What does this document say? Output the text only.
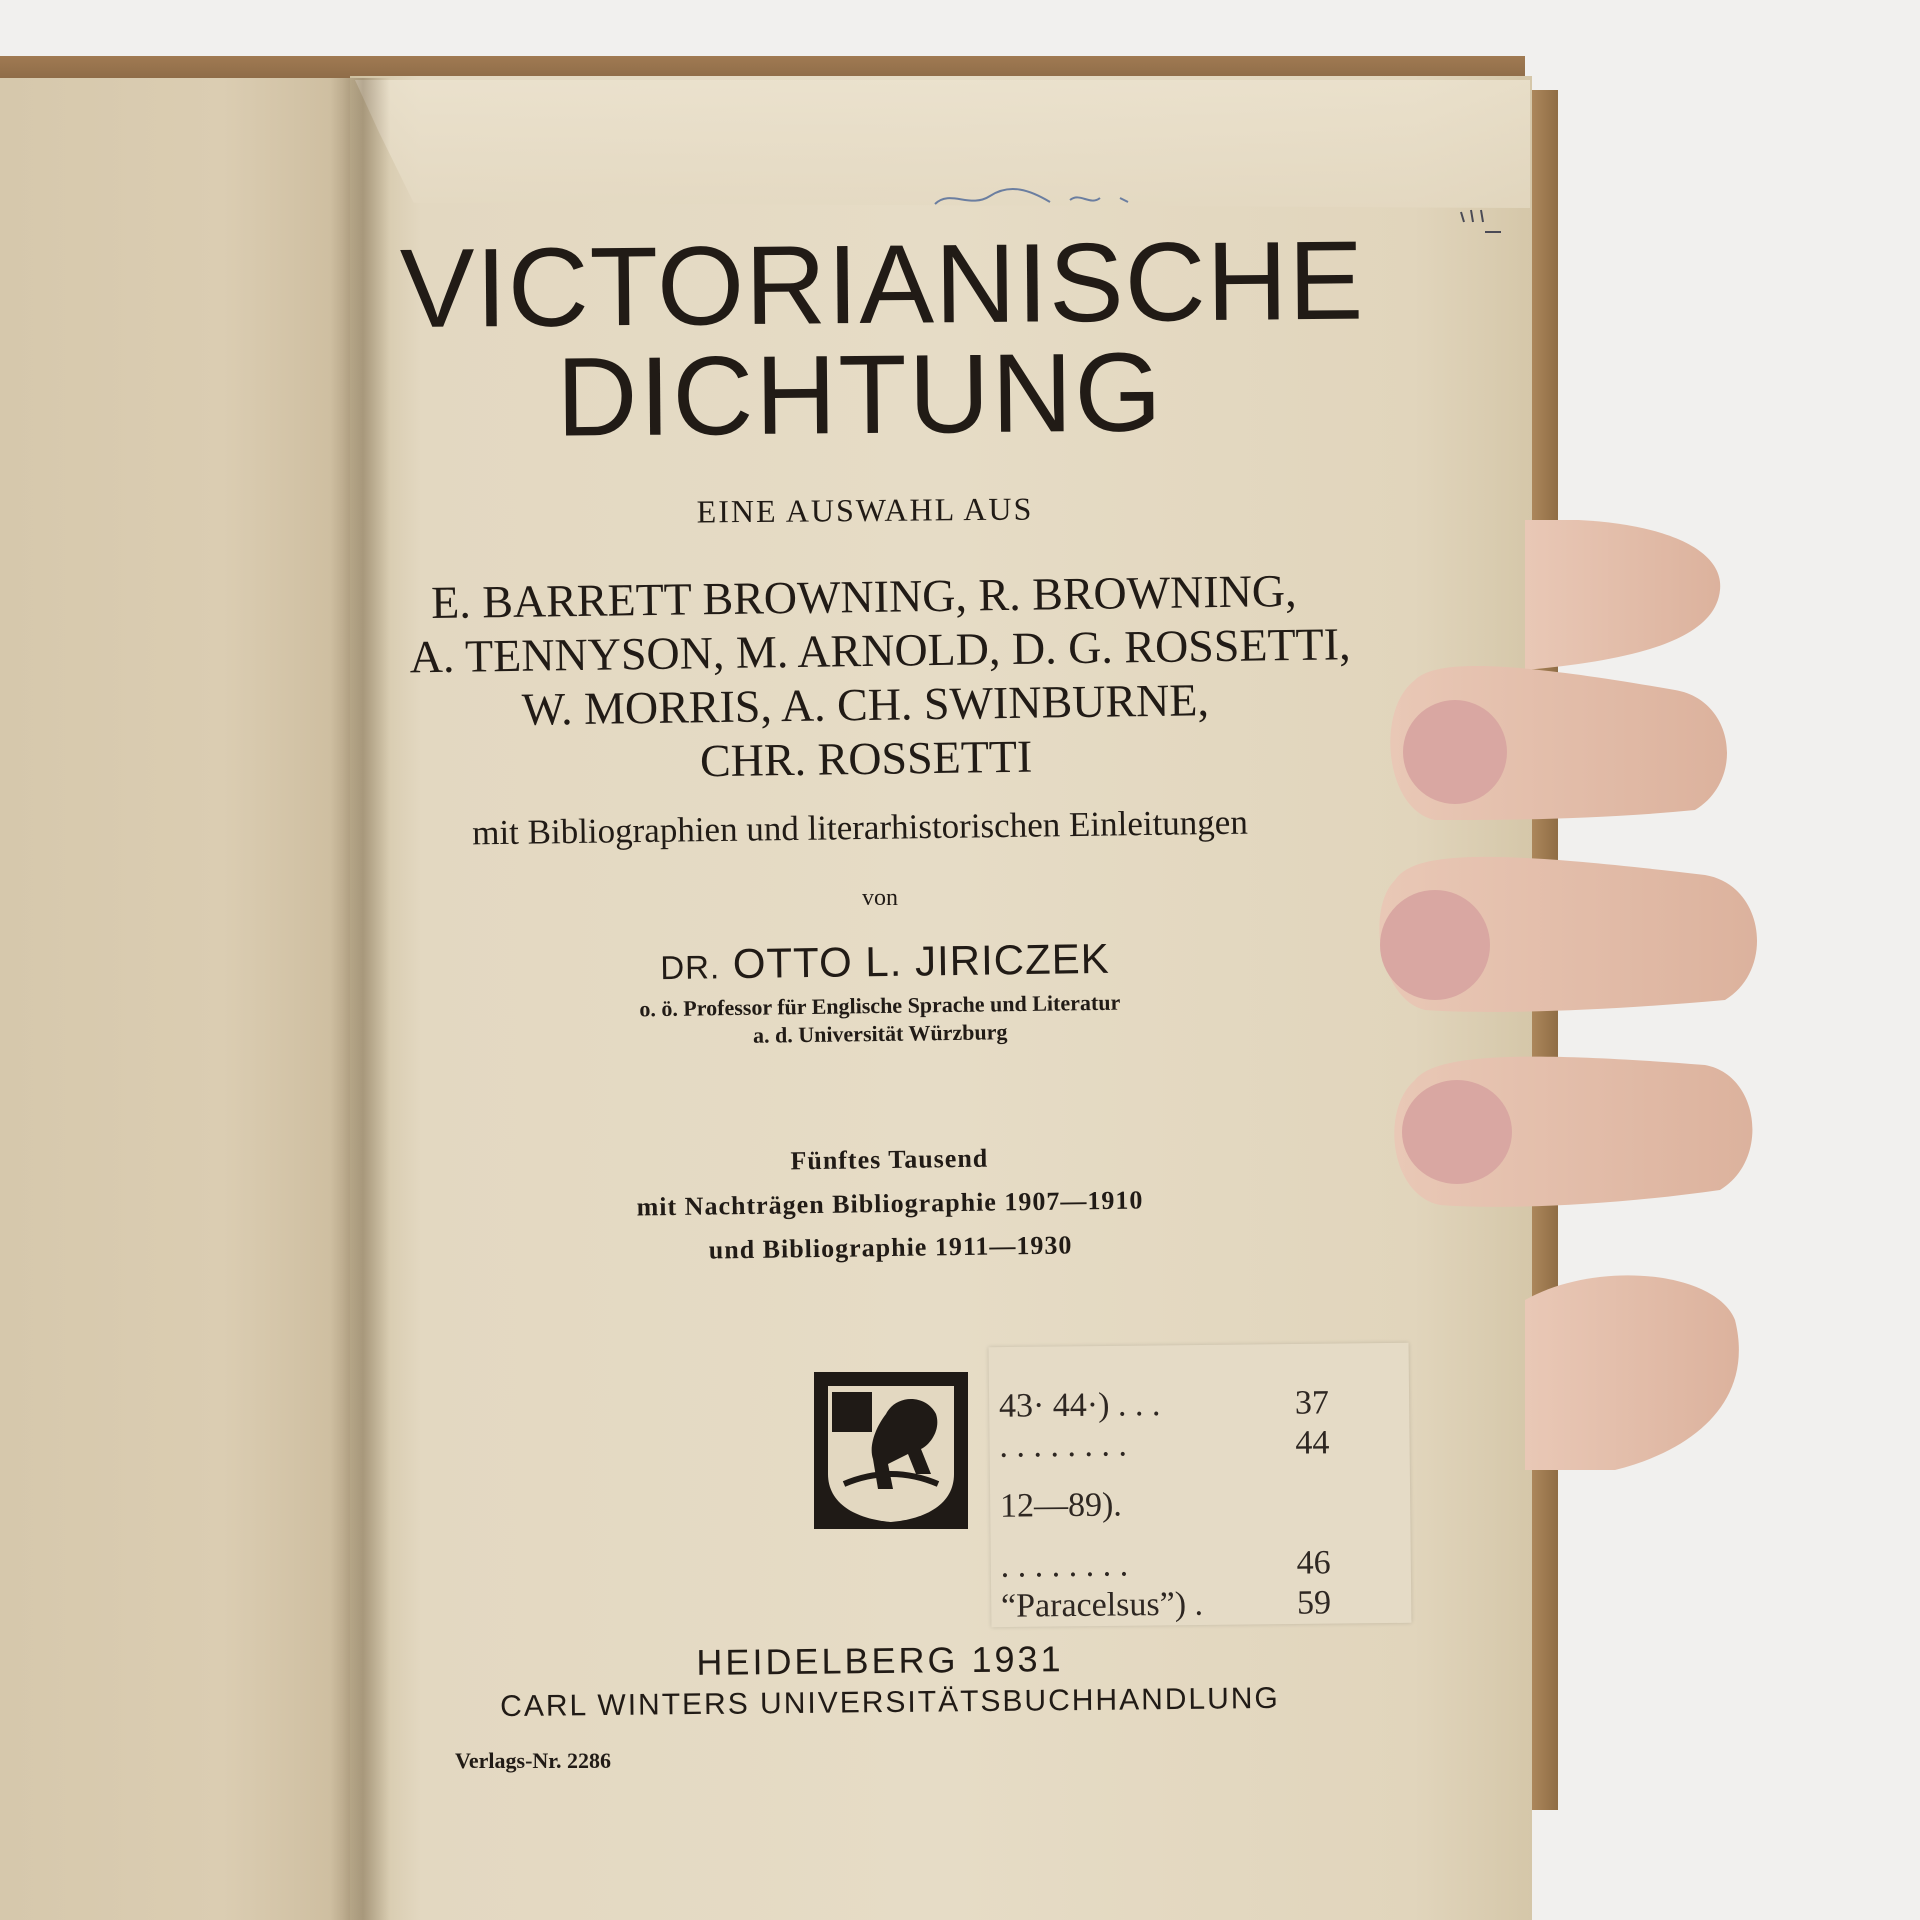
VICTORIANISCHE
DICHTUNG
EINE AUSWAHL AUS
E. BARRETT BROWNING, R. BROWNING,
A. TENNYSON, M. ARNOLD, D. G. ROSSETTI,
W. MORRIS, A. CH. SWINBURNE,
CHR. ROSSETTI
mit Bibliographien und literarhistorischen Einleitungen
von
DR. OTTO L. JIRICZEK
o. ö. Professor für Englische Sprache und Literatur
a. d. Universität Würzburg
Fünftes Tausend
mit Nachträgen Bibliographie 1907—1910
und Bibliographie 1911—1930
43· 44·) . . .	37
. . . . . . . .	44
12—89).
. . . . . . . .	46
“Paracelsus”) .	59
HEIDELBERG 1931
CARL WINTERS UNIVERSITÄTSBUCHHANDLUNG
Verlags-Nr. 2286
